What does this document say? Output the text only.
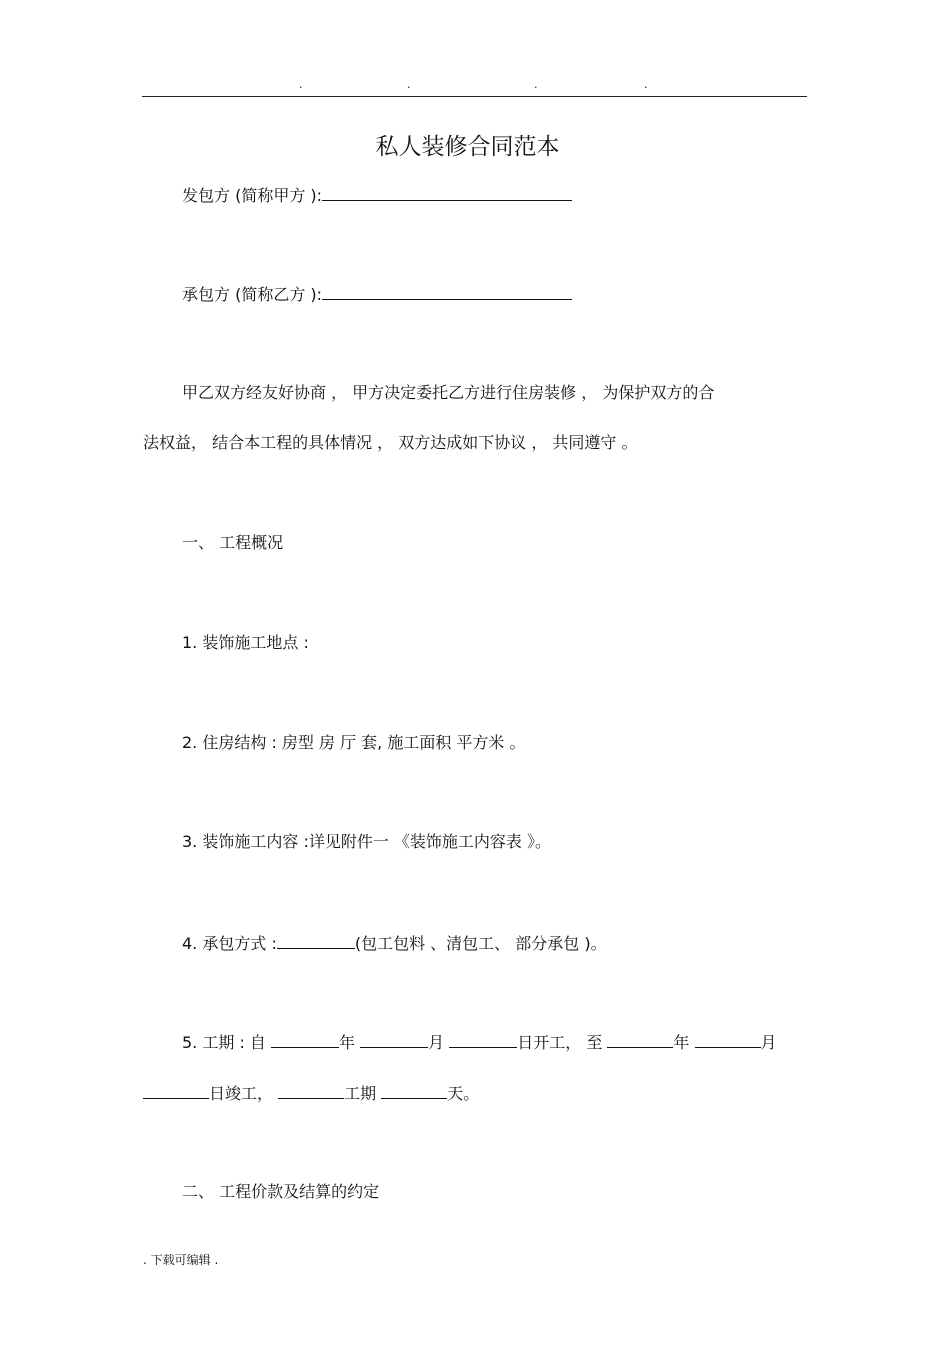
.	.	.	.
私人装修合同范本
发包方 (简称甲方 ):
承包方 (简称乙方 ):
甲乙双方经友好协商 ， 甲方决定委托乙方进行住房装修 ， 为保护双方的合
法权益， 结合本工程的具体情况 ， 双方达成如下协议 ， 共同遵守 。
一、 工程概况
1. 装饰施工地点 :
2. 住房结构 : 房型 房 厅 套, 施工面积 平方米 。
3. 装饰施工内容 :详见附件一 《装饰施工内容表 》。
4. 承包方式 :	(包工包料 、清包工、 部分承包 )。
5. 工期 : 自	年	月	日开工， 至	年	月
日竣工，	工期	天。
二、 工程价款及结算的约定
. 下载可编辑 .
